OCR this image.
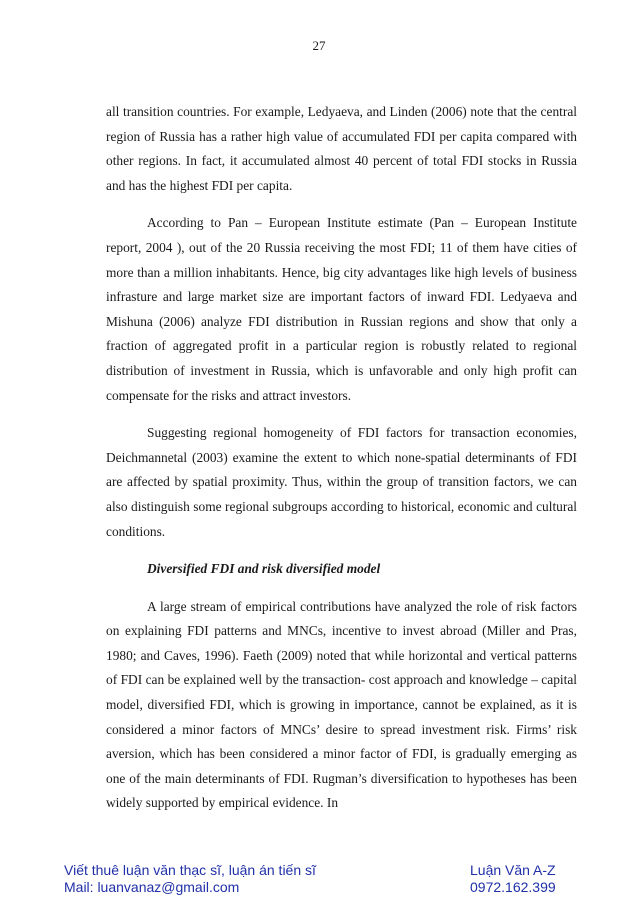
27

all transition countries. For example, Ledyaeva, and Linden (2006) note that the central region of Russia has a rather high value of accumulated FDI per capita compared with other regions. In fact, it accumulated almost 40 percent of total FDI stocks in Russia and has the highest FDI per capita.

According to Pan – European Institute estimate (Pan – European Institute report, 2004 ), out of the 20 Russia receiving the most FDI; 11 of them have cities of more than a million inhabitants. Hence, big city advantages like high levels of business infrasture and large market size are important factors of inward FDI. Ledyaeva and Mishuna (2006) analyze FDI distribution in Russian regions and show that only a fraction of aggregated profit in a particular region is robustly related to regional distribution of investment in Russia, which is unfavorable and only high profit can compensate for the risks and attract investors.

Suggesting regional homogeneity of FDI factors for transaction economies, Deichmannetal (2003) examine the extent to which none-spatial determinants of FDI are affected by spatial proximity. Thus, within the group of transition factors, we can also distinguish some regional subgroups according to historical, economic and cultural conditions.

Diversified FDI and risk diversified model

A large stream of empirical contributions have analyzed the role of risk factors on explaining FDI patterns and MNCs, incentive to invest abroad (Miller and Pras, 1980; and Caves, 1996). Faeth (2009) noted that while horizontal and vertical patterns of FDI can be explained well by the transaction- cost approach and knowledge – capital model, diversified FDI, which is growing in importance, cannot be explained, as it is considered a minor factors of MNCs’ desire to spread investment risk. Firms’ risk aversion, which has been considered a minor factor of FDI, is gradually emerging as one of the main determinants of FDI. Rugman’s diversification to hypotheses has been widely supported by empirical evidence. In

Viết thuê luận văn thạc sĩ, luận án tiến sĩ
Mail: luanvanaz@gmail.com
Luận Văn A-Z
0972.162.399
